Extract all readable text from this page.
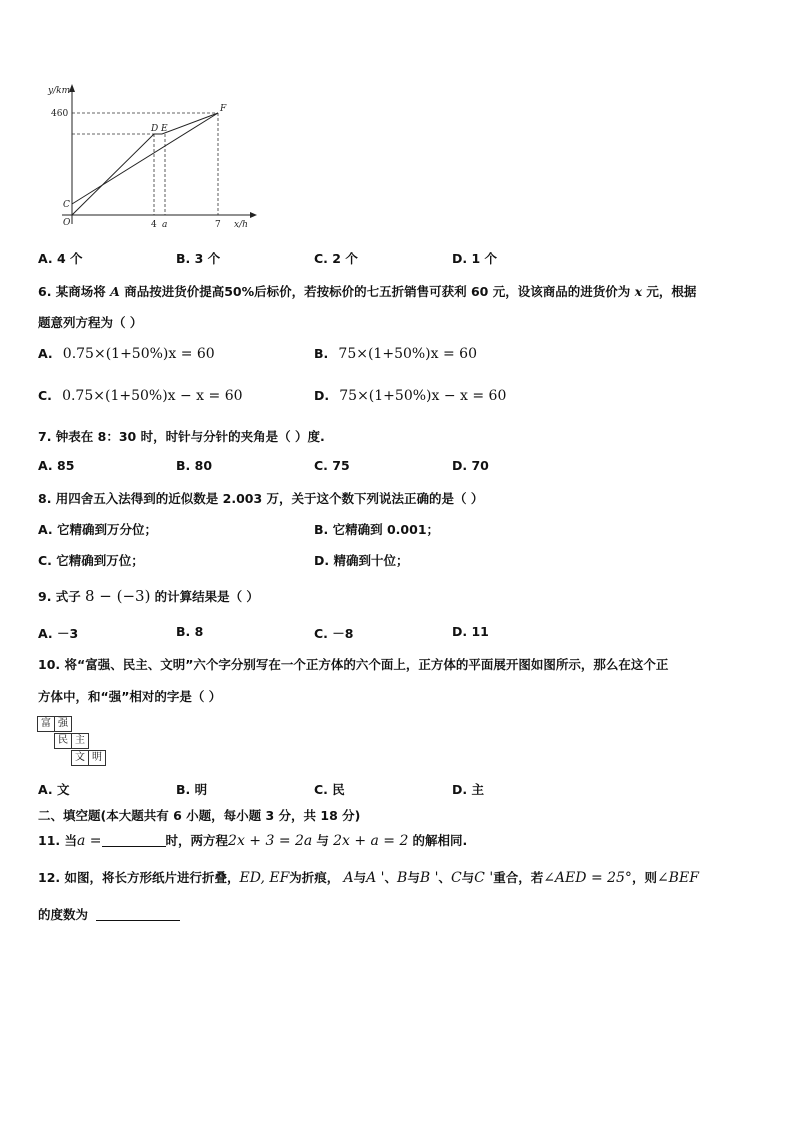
y/km
x/h
460
4 a	7
O
C
D E
F
A. 4 个	B. 3 个	C. 2 个	D. 1 个
6. 某商场将 A 商品按进货价提高50%后标价，若按标价的七五折销售可获利 60 元，设该商品的进货价为 x 元，根据
题意列方程为（ ）
A. 0.75×(1+50%)x = 60	B. 75×(1+50%)x = 60
C. 0.75×(1+50%)x − x = 60	D. 75×(1+50%)x − x = 60
7. 钟表在 8：30 时，时针与分针的夹角是（ ）度.
A. 85	B. 80	C. 75	D. 70
8. 用四舍五入法得到的近似数是 2.003 万，关于这个数下列说法正确的是（ ）
A. 它精确到万分位；	B. 它精确到 0.001；
C. 它精确到万位；	D. 精确到十位；
9. 式子 8 − (−3) 的计算结果是（ ）
A. －3	B. 8	C. －8	D. 11
10. 将“富强、民主、文明”六个字分别写在一个正方体的六个面上，正方体的平面展开图如图所示，那么在这个正
方体中，和“强”相对的字是（ ）
富 强
民 主
文 明
A. 文	B. 明	C. 民	D. 主
二、填空题(本大题共有 6 小题，每小题 3 分，共 18 分)
11. 当a =	时，两方程2x + 3 = 2a 与 2x + a = 2 的解相同.
12. 如图，将长方形纸片进行折叠，ED, EF为折痕， A与A '、B与B '、C与C '重合，若∠AED = 25°，则∠BEF
的度数为
